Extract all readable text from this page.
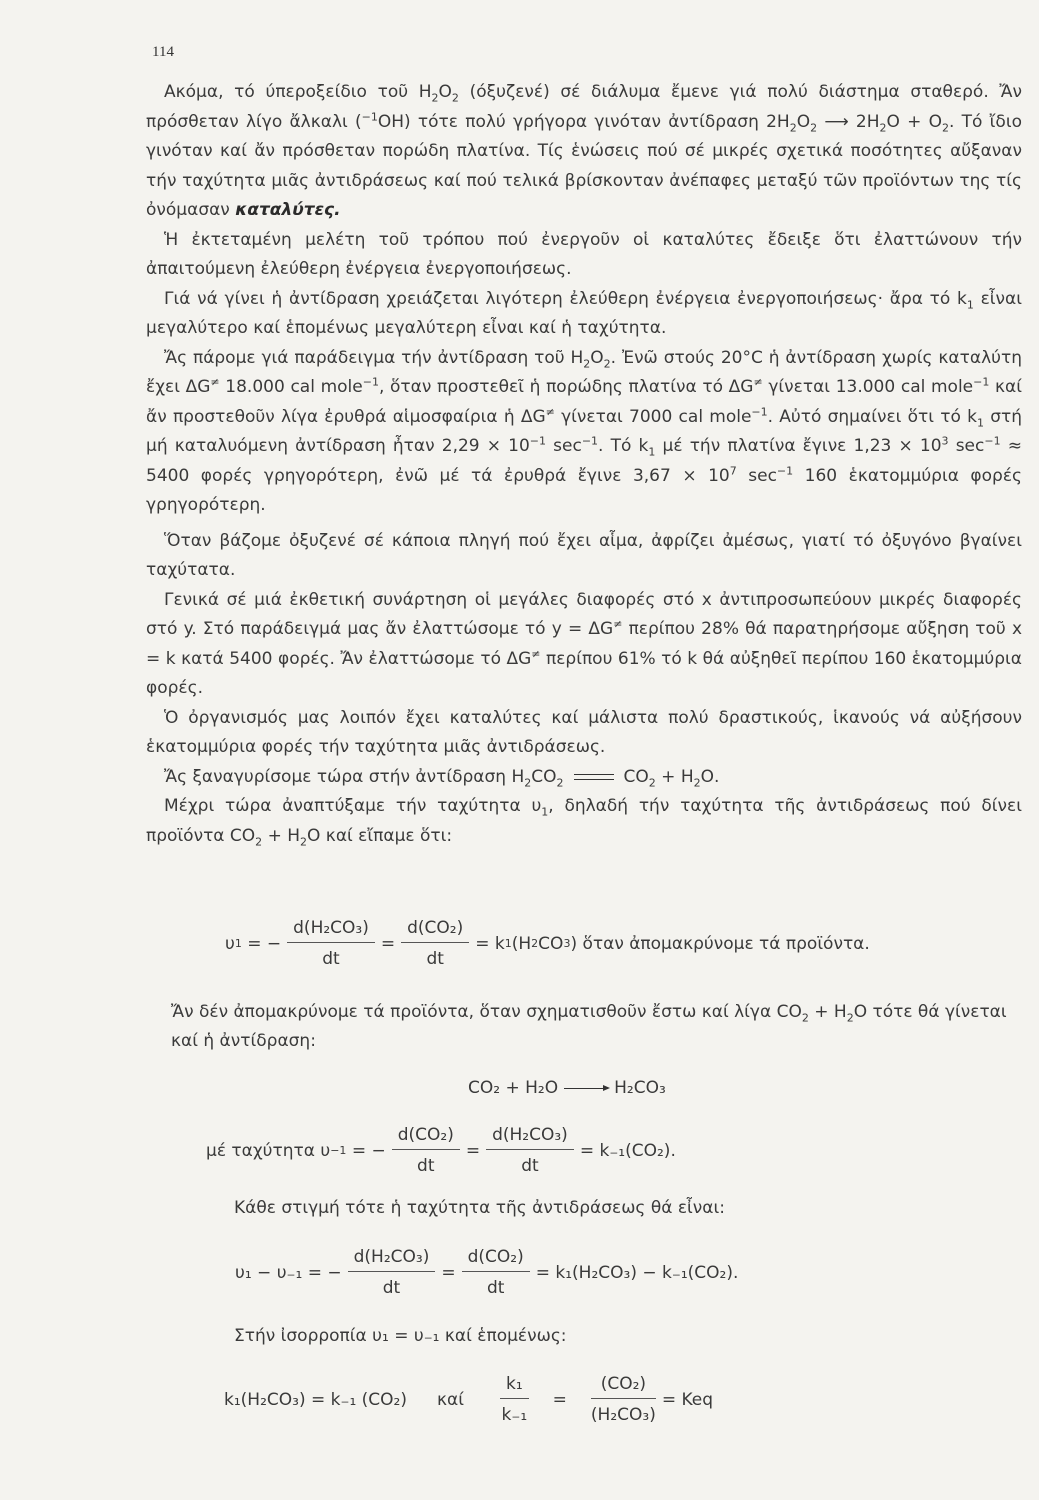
114

Ακόμα, τό ύπεροξείδιο τοῦ $H_2O_2$ (όξυζενέ) σέ διάλυμα ἔμενε γιά πολύ διάστημα σταθερό. Ἄν πρόσθεταν λίγο ἄλκαλι ($^{-1}$ΟΗ) τότε πολύ γρήγορα γινόταν ἀντίδραση $2H_2O_2$ ⟶ $2H_2O + O_2$. Τό ἴδιο γινόταν καί ἄν πρόσθεταν πορώδη πλατίνα. Τίς ἑνώσεις πού σέ μικρές σχετικά ποσότητες αὔξαναν τήν ταχύτητα μιᾶς ἀντιδράσεως καί πού τελικά βρίσκονταν ἀνέπαφες μεταξύ τῶν προϊόντων της τίς ὀνόμασαν καταλύτες.

Ἡ ἐκτεταμένη μελέτη τοῦ τρόπου πού ἐνεργοῦν οἱ καταλύτες ἔδειξε ὅτι ἐλαττώνουν τήν ἀπαιτούμενη ἐλεύθερη ἐνέργεια ἐνεργοποιήσεως.

Γιά νά γίνει ἡ ἀντίδραση χρειάζεται λιγότερη ἐλεύθερη ἐνέργεια ἐνεργοποιήσεως· ἄρα τό $k_1$ εἶναι μεγαλύτερο καί ἑπομένως μεγαλύτερη εἶναι καί ἡ ταχύτητα.

Ἄς πάρομε γιά παράδειγμα τήν ἀντίδραση τοῦ $H_2O_2$. Ἐνῶ στούς 20°C ἡ ἀντίδραση χωρίς καταλύτη ἔχει ΔG≠ 18.000 cal mole$^{-1}$, ὅταν προστεθεῖ ἡ πορώδης πλατίνα τό ΔG≠ γίνεται 13.000 cal mole$^{-1}$ καί ἄν προστεθοῦν λίγα ἐρυθρά αἱμοσφαίρια ἡ ΔG≠ γίνεται 7000 cal mole$^{-1}$. Αὐτό σημαίνει ὅτι τό $k_1$ στή μή καταλυόμενη ἀντίδραση ἦταν $2,29 \times 10^{-1}$ $\sec^{-1}$. Τό $k_1$ μέ τήν πλατίνα ἔγινε $1,23 \times 10^3$ $\sec^{-1} \approx 5400$ φορές γρηγορότερη, ἐνῶ μέ τά ἐρυθρά ἔγινε $3,67 \times 10^7$ $\sec^{-1} 160$ ἑκατομμύρια φορές γρηγορότερη.

Ὅταν βάζομε ὀξυζενέ σέ κάποια πληγή πού ἔχει αἷμα, ἀφρίζει ἀμέσως, γιατί τό ὀξυγόνο βγαίνει ταχύτατα.

Γενικά σέ μιά ἐκθετική συνάρτηση οἱ μεγάλες διαφορές στό x ἀντιπροσωπεύουν μικρές διαφορές στό y. Στό παράδειγμά μας ἄν ἐλαττώσομε τό y = ΔG≠ περίπου 28% θά παρατηρήσομε αὔξηση τοῦ x = k κατά 5400 φορές. Ἄν ἐλαττώσομε τό ΔG≠ περίπου 61% τό k θά αὐξηθεῖ περίπου 160 ἑκατομμύρια φορές.

Ὁ ὀργανισμός μας λοιπόν ἔχει καταλύτες καί μάλιστα πολύ δραστικούς, ἱκανούς νά αὐξήσουν ἑκατομμύρια φορές τήν ταχύτητα μιᾶς ἀντιδράσεως.

Ἄς ξαναγυρίσομε τώρα στήν ἀντίδραση $H_2CO_2$	$CO_2 + H_2O$.

Μέχρι τώρα ἀναπτύξαμε τήν ταχύτητα $\upsilon_1$, δηλαδή τήν ταχύτητα τῆς ἀντιδράσεως πού δίνει προϊόντα $CO_2 + H_2O$ καί εἴπαμε ὅτι:

υ 1 = − $\frac{\text{d(Η₂CO₃)}}{dt} = \frac{\text{d(CO₂)}}{dt} = k$ 1 (Η 2 CO 3 ) ὅταν ἀπομακρύνομε τά προϊόντα.
Ἄν δέν ἀπομακρύνομε τά προϊόντα, ὅταν σχηματισθοῦν ἔστω καί λίγα $CO_2 + H_2O$ τότε θά γίνεται καί ἡ ἀντίδραση:
CO₂ + Η₂Ο → Η₂CO₃
μέ ταχύτητα υ −1 = − $\frac{\text{d(CO₂)}}{dt} = \frac{\text{d(Η₂CO₃)}}{dt} = k_{-1}(CO_2)$.
Κάθε στιγμή τότε ἡ ταχύτητα τῆς ἀντιδράσεως θά εἶναι:
υ₁ − υ₋₁ = − $\frac{\text{d(Η₂CO₃)}}{dt} = \frac{\text{d(CO₂)}}{dt} = k_1(H_2CO_3) - k_{-1}(CO_2)$.
Στήν ἰσορροπία υ₁ = υ₋₁ καί ἑπομένως:
k₁(Η₂CO₃) = k₋₁ (CO₂) καί $\frac{\text{k₁}}{\text{k₋₁}} = \frac{\text{(CO₂)}}{\text{(Η₂CO₃)}}$ = Keq
